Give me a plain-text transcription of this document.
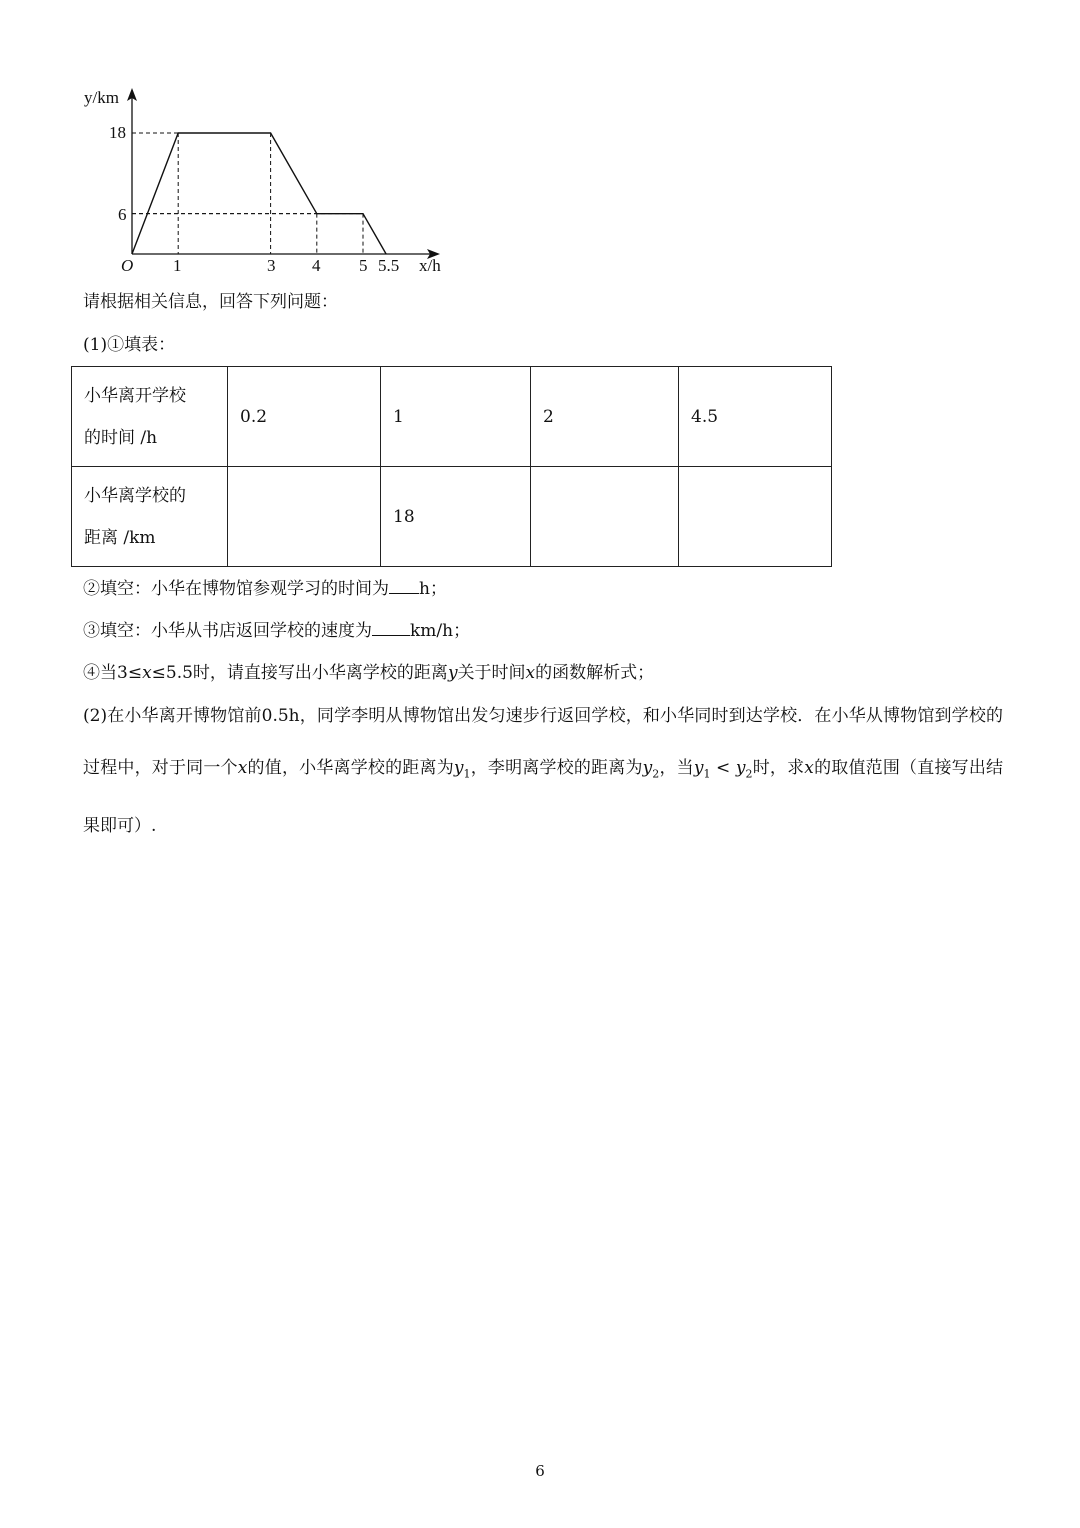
y/km
x/h
O
18
6
1	3 4 5 5.5
请根据相关信息，回答下列问题：
(1)①填表：
小华离开学校
的时间 /h	0.2	1	2	4.5

小华离学校的
距离 /km		18		
②填空：小华在博物馆参观学习的时间为 h；
③填空：小华从书店返回学校的速度为 km/h；
④当3≤x≤5.5时，请直接写出小华离学校的距离y关于时间x的函数解析式；
(2)在小华离开博物馆前0.5h，同学李明从博物馆出发匀速步行返回学校，和小华同时到达学校．在小华从博物馆到学校的过程中，对于同一个x的值，小华离学校的距离为$y_1$，李明离学校的距离为$y_2$，当$y_1 < y_2$时，求x的取值范围（直接写出结果即可）.
6
